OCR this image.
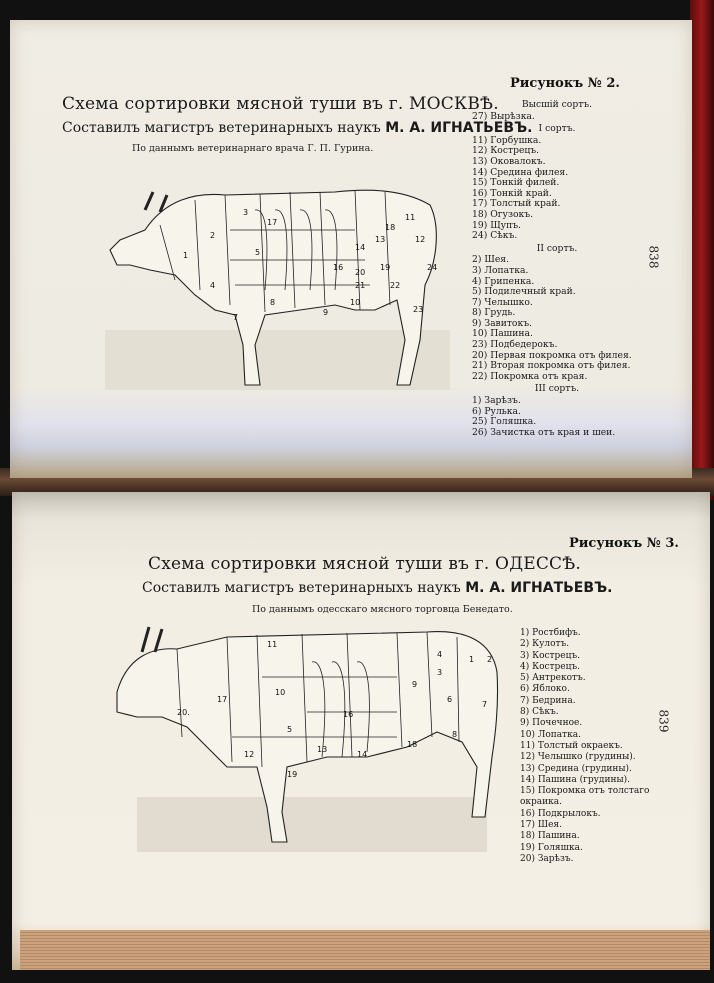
Схема сортировки мясной туши въ г. МОСКВѢ.
Составилъ магистръ ветеринарныхъ наукъ М. А. ИГНАТЬЕВЪ.
По даннымъ ветеринарнаго врача Г. П. Гурина.
Рисунокъ № 2.
838
1
2
3
4
5
7
8
9
10
11
12
13
14
16
17
18
19
21	22
23
24
20
Высшій сортъ.
27) Вырѣзка.
I сортъ.
11) Горбушка.
12) Кострецъ.
13) Оковалокъ.
14) Средина филея.
15) Тонкій филей.
16) Тонкій край.
17) Толстый край.
18) Огузокъ.
19) Щупъ.
24) Сѣкъ.
II сортъ.
2) Шея.
3) Лопатка.
4) Грипенка.
5) Подилечный край.
7) Челышко.
8) Грудь.
9) Завитокъ.
10) Пашина.
23) Подбедерокъ.
20) Первая покромка отъ филея.
21) Вторая покромка отъ филея.
22) Покромка отъ края.
III сортъ.
1) Зарѣзъ.
6) Рулька.
25) Голяшка.
26) Зачистка отъ края и шеи.
Рисунокъ № 3.
Схема сортировки мясной туши въ г. ОДЕССѢ.
Составилъ магистръ ветеринарныхъ наукъ М. А. ИГНАТЬЕВЪ.
По даннымъ одесскаго мясного торговца Бенедато.
839
1 2
3
4
5
6
7
8
9
10
11
12
13
14
16
17
18
19
20.
1) Ростбифъ.
2) Кулотъ.
3) Кострецъ.
4) Кострецъ.
5) Антрекотъ.
6) Яблоко.
7) Бедрина.
8) Сѣкъ.
9) Почечное.
10) Лопатка.
11) Толстый окраекъ.
12) Челышко (грудины).
13) Средина (грудины).
14) Пашина (грудины).
15) Покромка отъ толстаго окраика.
16) Подкрылокъ.
17) Шея.
18) Пашина.
19) Голяшка.
20) Зарѣзъ.
